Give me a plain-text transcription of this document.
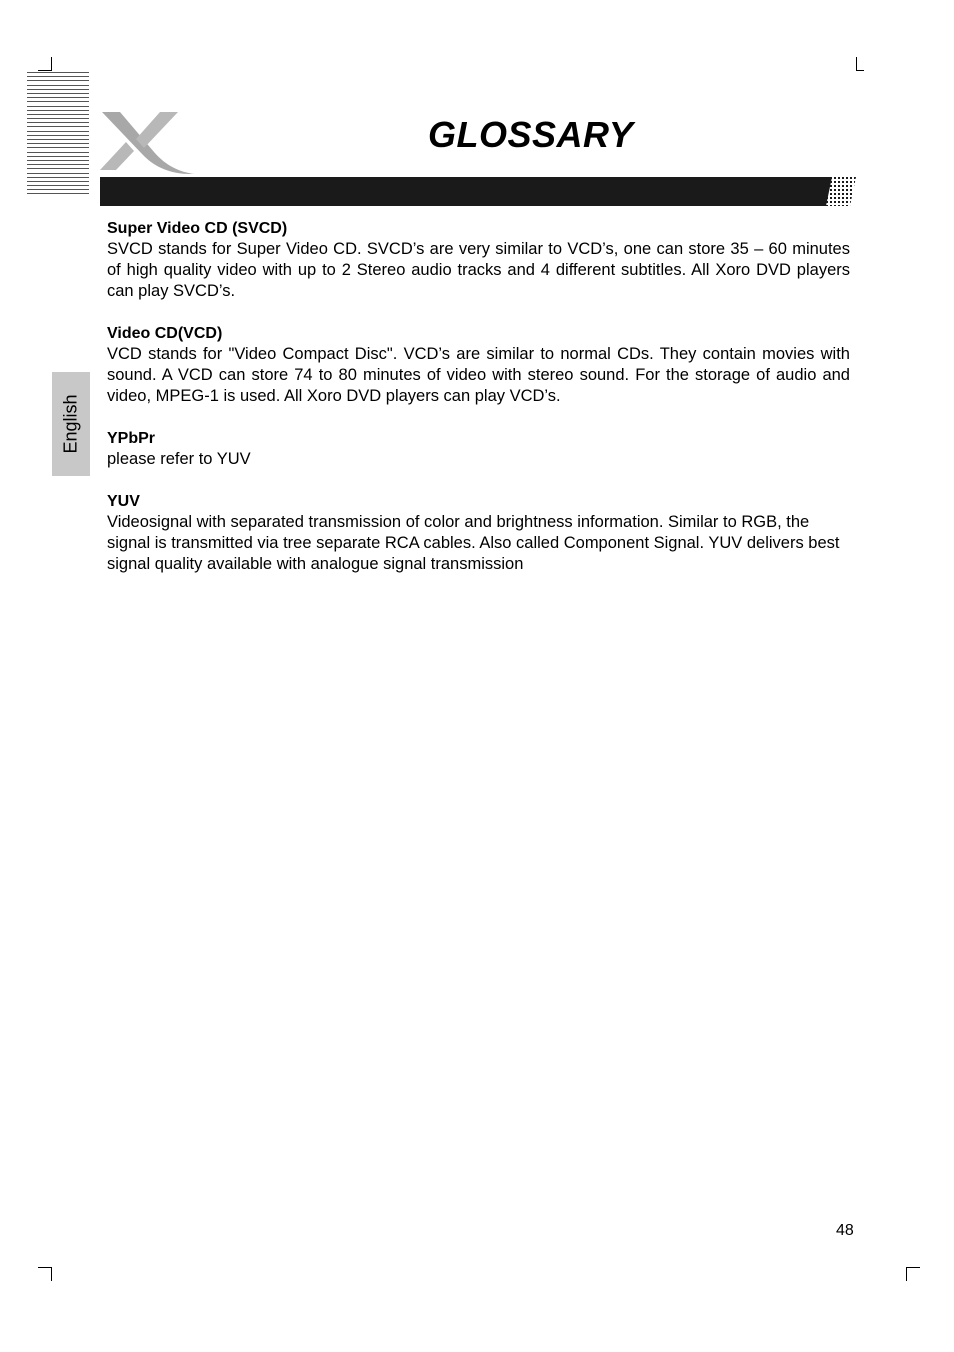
GLOSSARY
English
Super Video CD (SVCD)

SVCD stands for Super Video CD. SVCD’s are very similar to VCD’s, one can store 35 – 60 minutes of high quality video with up to 2 Stereo audio tracks and 4 different subtitles. All Xoro DVD players can play SVCD’s.

Video CD(VCD)

VCD stands for "Video Compact Disc". VCD’s are similar to normal CDs. They contain movies with sound. A VCD can store 74 to 80 minutes of video with stereo sound. For the storage of audio and video, MPEG-1 is used. All Xoro DVD players can play VCD’s.

YPbPr

please refer to YUV

YUV

Videosignal with separated transmission of color and brightness information. Similar to RGB, the signal is transmitted via tree separate RCA cables. Also called Component Signal. YUV delivers best signal quality available with analogue signal transmission

48
